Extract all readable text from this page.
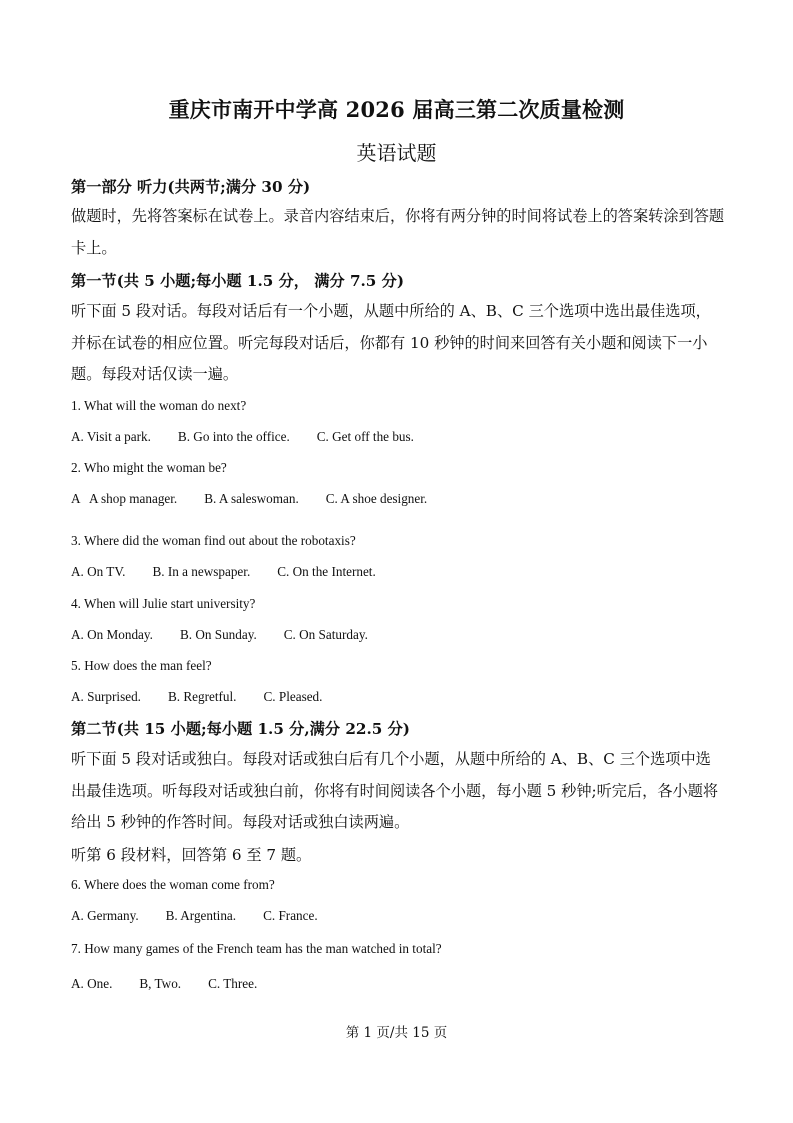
重庆市南开中学高 2026 届高三第二次质量检测
英语试题
第一部分 听力(共两节;满分 30 分)
做题时，先将答案标在试卷上。录音内容结束后，你将有两分钟的时间将试卷上的答案转涂到答题卡上。
第一节(共 5 小题;每小题 1.5 分， 满分 7.5 分)
听下面 5 段对话。每段对话后有一个小题，从题中所给的 A、B、C 三个选项中选出最佳选项，并标在试卷的相应位置。听完每段对话后，你都有 10 秒钟的时间来回答有关小题和阅读下一小题。每段对话仅读一遍。
1. What will the woman do next?
A. Visit a park. B. Go into the office. C. Get off the bus.
2. Who might the woman be?
A   A shop manager. B. A saleswoman. C. A shoe designer.
3. Where did the woman find out about the robotaxis?
A. On TV. B. In a newspaper. C. On the Internet.
4. When will Julie start university?
A. On Monday. B. On Sunday. C. On Saturday.
5. How does the man feel?
A. Surprised. B. Regretful. C. Pleased.
第二节(共 15 小题;每小题 1.5 分,满分 22.5 分)
听下面 5 段对话或独白。每段对话或独白后有几个小题，从题中所给的 A、B、C 三个选项中选出最佳选项。听每段对话或独白前，你将有时间阅读各个小题，每小题 5 秒钟;听完后，各小题将给出 5 秒钟的作答时间。每段对话或独白读两遍。
听第 6 段材料，回答第 6 至 7 题。
6. Where does the woman come from?
A. Germany. B. Argentina. C. France.
7. How many games of the French team has the man watched in total?
A. One. B, Two. C. Three.
第 1 页/共 15 页
